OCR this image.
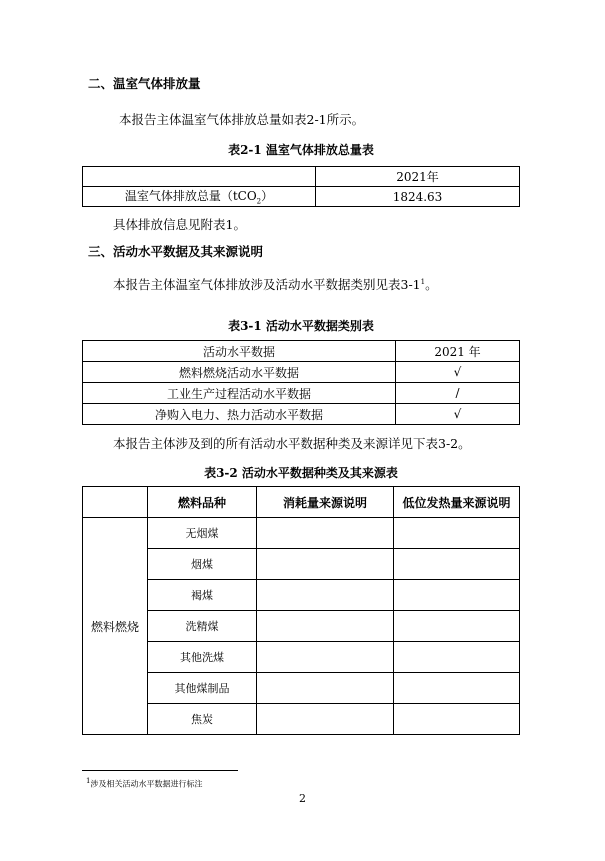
二、温室气体排放量
本报告主体温室气体排放总量如表2-1所示。
表2-1 温室气体排放总量表
	2021年
温室气体排放总量（tCO$_2$）	1824.63
具体排放信息见附表1。
三、活动水平数据及其来源说明
本报告主体温室气体排放涉及活动水平数据类别见表$3-1^1$。
表3-1 活动水平数据类别表
活动水平数据	2021 年
燃料燃烧活动水平数据	√
工业生产过程活动水平数据	/
净购入电力、热力活动水平数据	√
本报告主体涉及到的所有活动水平数据种类及来源详见下表3-2。
表3-2 活动水平数据种类及其来源表
	燃料品种	消耗量来源说明	低位发热量来源说明
燃料燃烧	无烟煤		
	烟煤		
	褐煤		
	洗精煤		
	其他洗煤		
	其他煤制品		
	焦炭		
$^1$涉及相关活动水平数据进行标注
2
